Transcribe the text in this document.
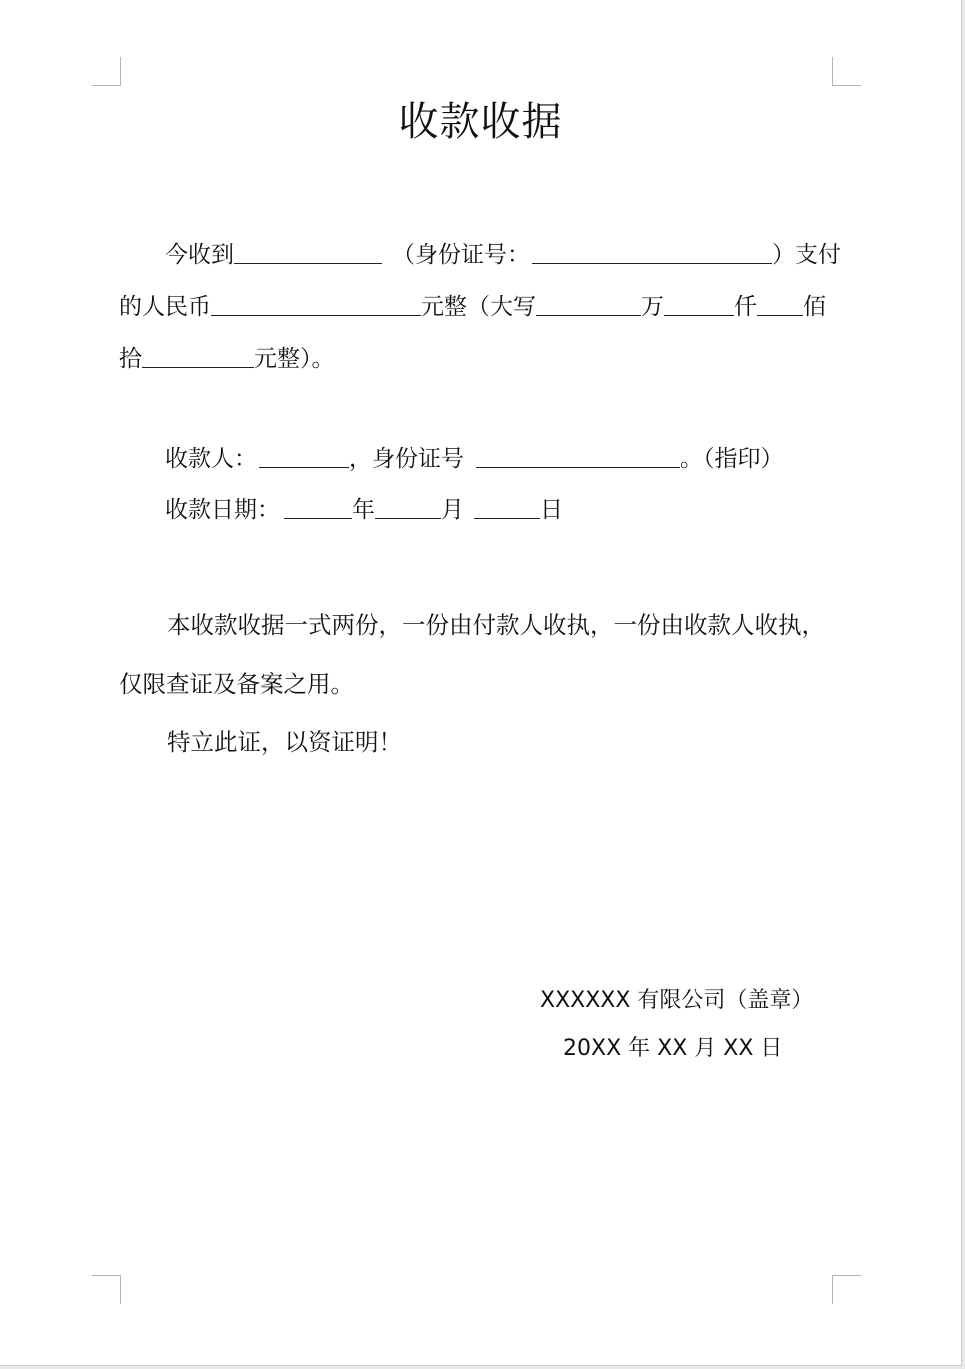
收款收据
今收到	（身份证号：	）支付
的人民币	元整（大写	万	仟 佰
拾	元整）。
收款人：	，身份证号	。（指印）
收款日期：	年	月	日
本收款收据一式两份，一份由付款人收执，一份由收款人收执，
仅限查证及备案之用。
特立此证，以资证明！
XXXXXX 有限公司（盖章）
20XX 年 XX 月 XX 日
